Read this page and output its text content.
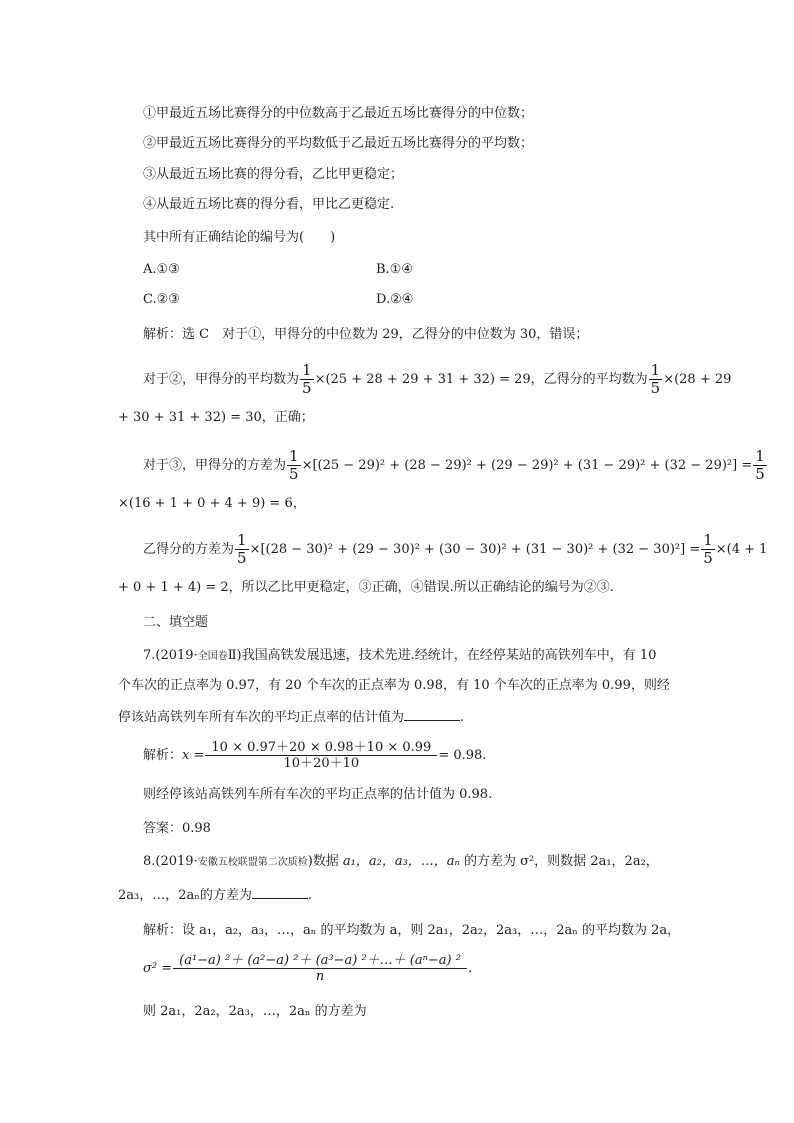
①甲最近五场比赛得分的中位数高于乙最近五场比赛得分的中位数；
②甲最近五场比赛得分的平均数低于乙最近五场比赛得分的平均数；
③从最近五场比赛的得分看，乙比甲更稳定；
④从最近五场比赛的得分看，甲比乙更稳定.
其中所有正确结论的编号为(　　)
A.①③	B.①④
C.②③	D.②④
解析：选 C　对于①，甲得分的中位数为 29，乙得分的中位数为 30，错误；
对于②，甲得分的平均数为 $\frac{1}{5} \times(25 + 28 + 29 + 31 + 32) = 29$，乙得分的平均数为 $\frac{1}{5} \times(28 + 29$
+ 30 + 31 + 32) = 30，正确；
对于③，甲得分的方差为 $\frac{1}{5} \times[(25 - 29)^2 + (28 - 29)^2 + (29 - 29)^2 + (31 - 29)^2 + (32 - 29)^2] = \frac{1}{5}$
×(16 + 1 + 0 + 4 + 9) = 6，
乙得分的方差为 $\frac{1}{5} \times[(28 - 30)^2 + (29 - 30)^2 + (30 - 30)^2 + (31 - 30)^2 + (32 - 30)^2] = \frac{1}{5} \times(4 + 1$
+ 0 + 1 + 4) = 2，所以乙比甲更稳定，③正确，④错误.所以正确结论的编号为②③.
二、填空题
7.(2019·全国卷Ⅱ)我国高铁发展迅速，技术先进.经统计，在经停某站的高铁列车中，有 10
个车次的正点率为 0.97，有 20 个车次的正点率为 0.98，有 10 个车次的正点率为 0.99，则经
停该站高铁列车所有车次的平均正点率的估计值为	.
解析：$x = \frac{10 \times 0.97+20 \times 0.98+10 \times 0.99}{10+20+10} = 0.98$.
则经停该站高铁列车所有车次的平均正点率的估计值为 0.98.
答案：0.98
8.(2019·安徽五校联盟第二次质检)数据 a₁，a₂，a₃，…，aₙ 的方差为 σ²，则数据 2a₁，2a₂，
2a₃，…，2aₙ的方差为	.
解析：设 a₁，a₂，a₃，…，aₙ 的平均数为 a，则 2a₁，2a₂，2a₃，…，2aₙ 的平均数为 2a，
$\sigma^2 = \frac{\text{(a¹−a) ²＋ (a²−a) ²＋ (a³−a) ²＋…＋ (aⁿ−a) ²}}{n}$ .
则 2a₁，2a₂，2a₃，…，2aₙ 的方差为
